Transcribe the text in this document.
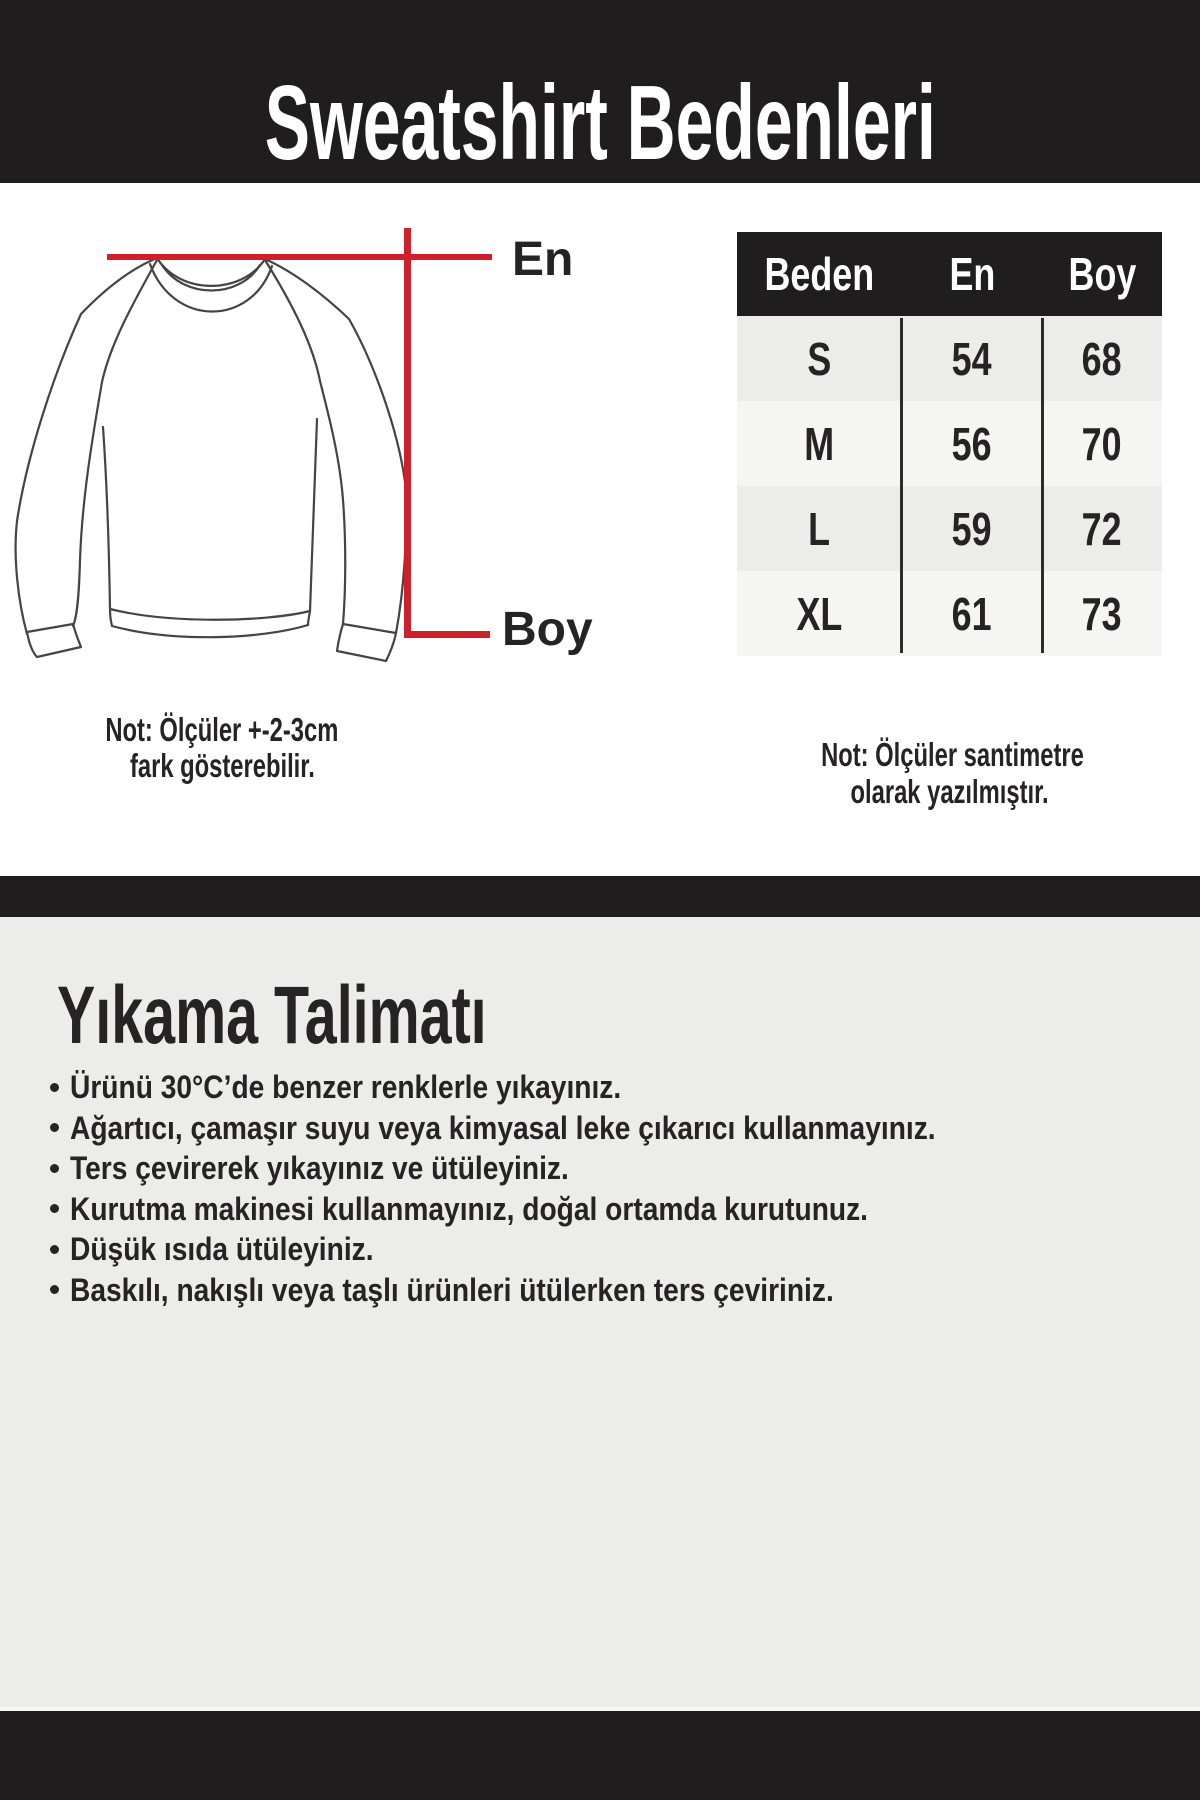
Sweatshirt Bedenleri
En
Boy
Not: Ölçüler +-2-3cm
fark gösterebilir.
Beden	En	Boy
S	54	68
M	56	70
L	59	72
XL	61	73
Not: Ölçüler santimetre
olarak yazılmıştır.
Yıkama Talimatı
Ürünü 30°C’de benzer renklerle yıkayınız.
Ağartıcı, çamaşır suyu veya kimyasal leke çıkarıcı kullanmayınız.
Ters çevirerek yıkayınız ve ütüleyiniz.
Kurutma makinesi kullanmayınız, doğal ortamda kurutunuz.
Düşük ısıda ütüleyiniz.
Baskılı, nakışlı veya taşlı ürünleri ütülerken ters çeviriniz.
